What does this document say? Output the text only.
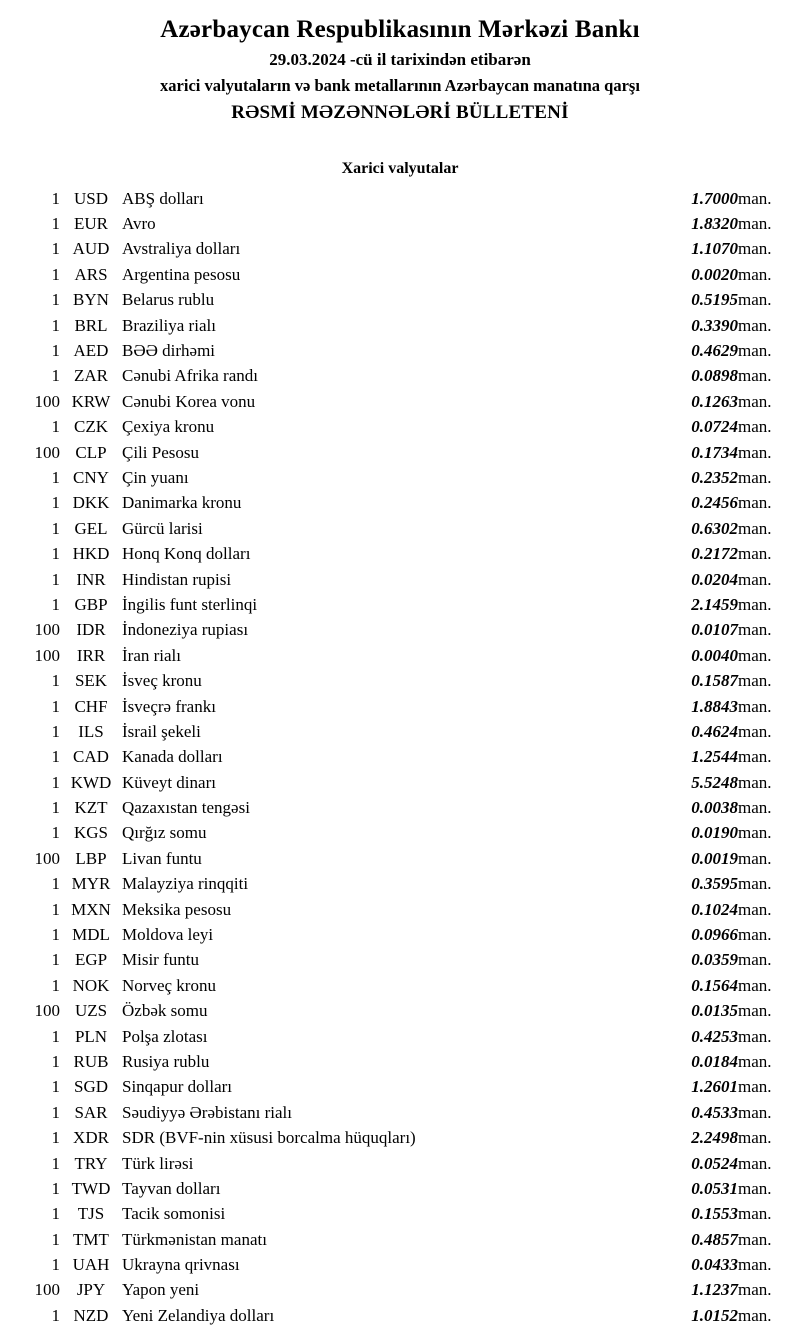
Azərbaycan Respublikasının Mərkəzi Bankı
29.03.2024 -cü il tarixindən etibarən
xarici valyutaların və bank metallarının Azərbaycan manatına qarşı
RƏSMİ MƏZƏNNƏLƏRİ BÜLLETENİ
Xarici valyutalar
1	USD	ABŞ dolları	1.7000	man.
1	EUR	Avro	1.8320	man.
1	AUD	Avstraliya dolları	1.1070	man.
1	ARS	Argentina pesosu	0.0020	man.
1	BYN	Belarus rublu	0.5195	man.
1	BRL	Braziliya rialı	0.3390	man.
1	AED	BƏƏ dirhəmi	0.4629	man.
1	ZAR	Cənubi Afrika randı	0.0898	man.
100	KRW	Cənubi Korea vonu	0.1263	man.
1	CZK	Çexiya kronu	0.0724	man.
100	CLP	Çili Pesosu	0.1734	man.
1	CNY	Çin yuanı	0.2352	man.
1	DKK	Danimarka kronu	0.2456	man.
1	GEL	Gürcü larisi	0.6302	man.
1	HKD	Honq Konq dolları	0.2172	man.
1	INR	Hindistan rupisi	0.0204	man.
1	GBP	İngilis funt sterlinqi	2.1459	man.
100	IDR	İndoneziya rupiası	0.0107	man.
100	IRR	İran rialı	0.0040	man.
1	SEK	İsveç kronu	0.1587	man.
1	CHF	İsveçrə frankı	1.8843	man.
1	ILS	İsrail şekeli	0.4624	man.
1	CAD	Kanada dolları	1.2544	man.
1	KWD	Küveyt dinarı	5.5248	man.
1	KZT	Qazaxıstan tengəsi	0.0038	man.
1	KGS	Qırğız somu	0.0190	man.
100	LBP	Livan funtu	0.0019	man.
1	MYR	Malayziya rinqqiti	0.3595	man.
1	MXN	Meksika pesosu	0.1024	man.
1	MDL	Moldova leyi	0.0966	man.
1	EGP	Misir funtu	0.0359	man.
1	NOK	Norveç kronu	0.1564	man.
100	UZS	Özbək somu	0.0135	man.
1	PLN	Polşa zlotası	0.4253	man.
1	RUB	Rusiya rublu	0.0184	man.
1	SGD	Sinqapur dolları	1.2601	man.
1	SAR	Səudiyyə Ərəbistanı rialı	0.4533	man.
1	XDR	SDR (BVF-nin xüsusi borcalma hüquqları)	2.2498	man.
1	TRY	Türk lirəsi	0.0524	man.
1	TWD	Tayvan dolları	0.0531	man.
1	TJS	Tacik somonisi	0.1553	man.
1	TMT	Türkmənistan manatı	0.4857	man.
1	UAH	Ukrayna qrivnası	0.0433	man.
100	JPY	Yapon yeni	1.1237	man.
1	NZD	Yeni Zelandiya dolları	1.0152	man.
